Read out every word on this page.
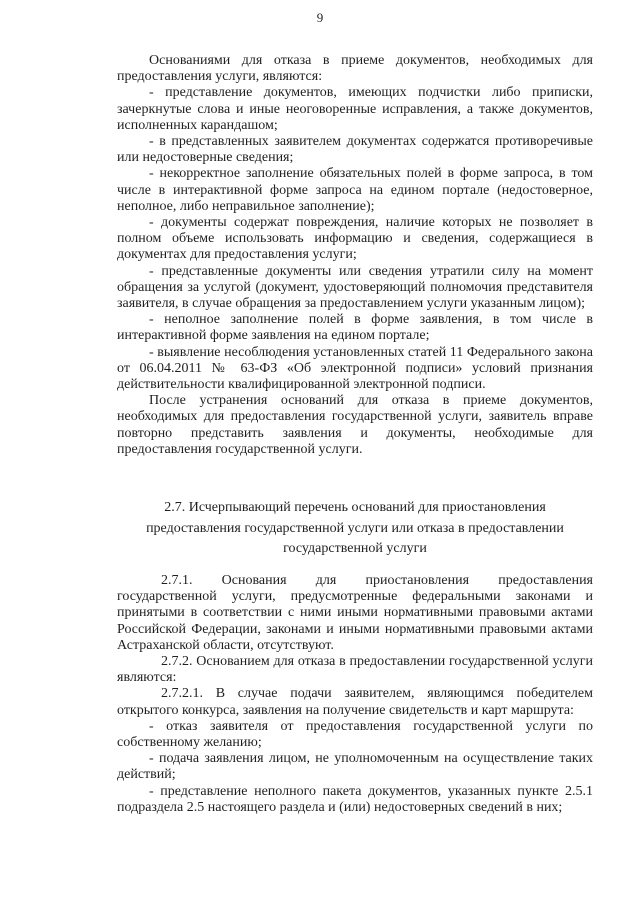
9

Основаниями для отказа в приеме документов, необходимых для предоставления услуги, являются:

- представление документов, имеющих подчистки либо приписки, зачеркнутые слова и иные неоговоренные исправления, а также документов, исполненных карандашом;

- в представленных заявителем документах содержатся противоречивые или недостоверные сведения;

- некорректное заполнение обязательных полей в форме запроса, в том числе в интерактивной форме запроса на едином портале (недостоверное, неполное, либо неправильное заполнение);

- документы содержат повреждения, наличие которых не позволяет в полном объеме использовать информацию и сведения, содержащиеся в документах для предоставления услуги;

- представленные документы или сведения утратили силу на момент обращения за услугой (документ, удостоверяющий полномочия представителя заявителя, в случае обращения за предоставлением услуги указанным лицом);

- неполное заполнение полей в форме заявления, в том числе в интерактивной форме заявления на едином портале;

- выявление несоблюдения установленных статей 11 Федерального закона от 06.04.2011 № 63-ФЗ «Об электронной подписи» условий признания действительности квалифицированной электронной подписи.

После устранения оснований для отказа в приеме документов, необходимых для предоставления государственной услуги, заявитель вправе повторно представить заявления и документы, необходимые для предоставления государственной услуги.

2.7. Исчерпывающий перечень оснований для приостановления

предоставления государственной услуги или отказа в предоставлении

государственной услуги

2.7.1. Основания для приостановления предоставления государственной услуги, предусмотренные федеральными законами и принятыми в соответствии с ними иными нормативными правовыми актами Российской Федерации, законами и иными нормативными правовыми актами Астраханской области, отсутствуют.

2.7.2. Основанием для отказа в предоставлении государственной услуги являются:

2.7.2.1. В случае подачи заявителем, являющимся победителем открытого конкурса, заявления на получение свидетельств и карт маршрута:

- отказ заявителя от предоставления государственной услуги по собственному желанию;

- подача заявления лицом, не уполномоченным на осуществление таких действий;

- представление неполного пакета документов, указанных пункте 2.5.1 подраздела 2.5 настоящего раздела и (или) недостоверных сведений в них;
